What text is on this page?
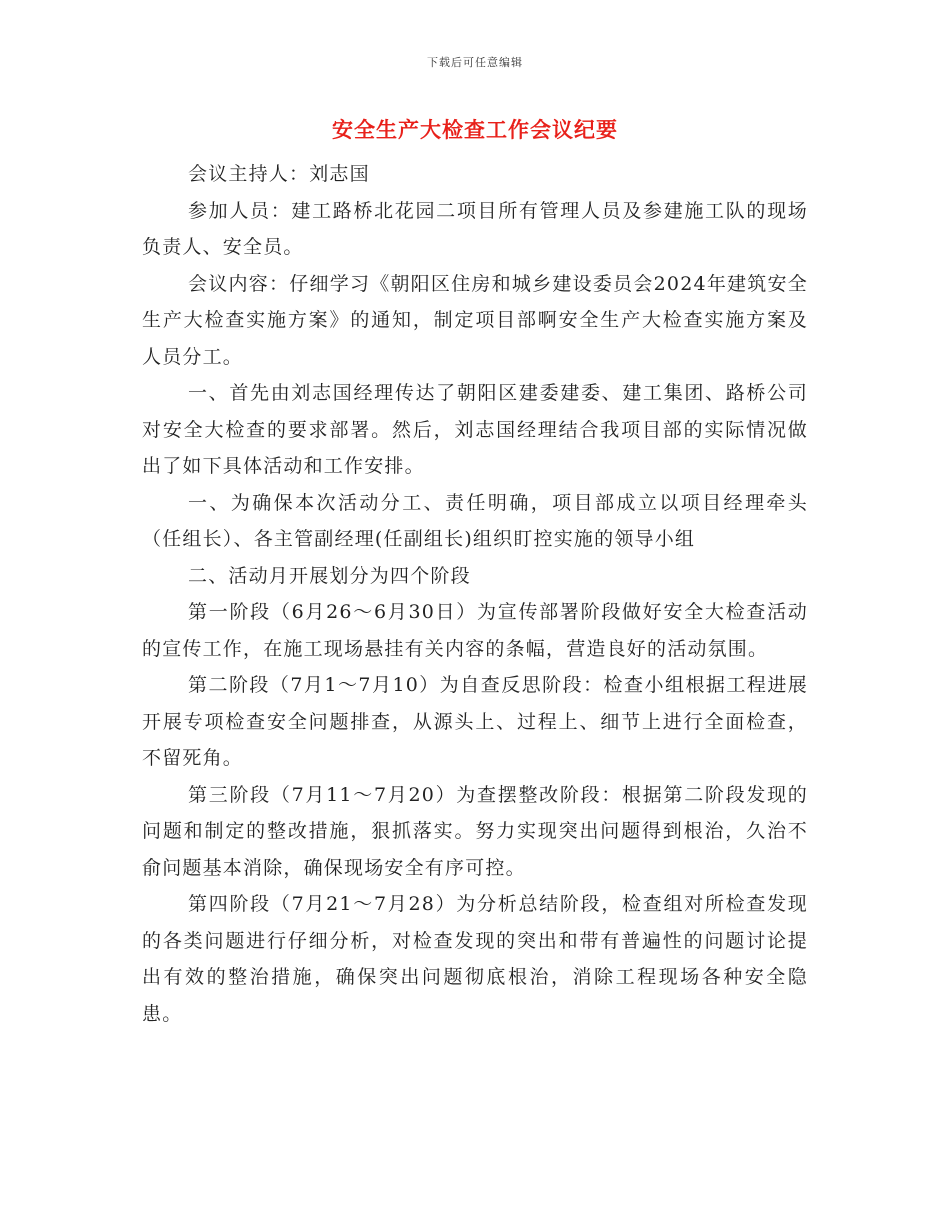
下载后可任意编辑
安全生产大检查工作会议纪要

会议主持人：刘志国

参加人员：建工路桥北花园二项目所有管理人员及参建施工队的现场负责人、安全员。

会议内容：仔细学习《朝阳区住房和城乡建设委员会2024年建筑安全生产大检查实施方案》的通知，制定项目部啊安全生产大检查实施方案及人员分工。

一、首先由刘志国经理传达了朝阳区建委建委、建工集团、路桥公司对安全大检查的要求部署。然后，刘志国经理结合我项目部的实际情况做出了如下具体活动和工作安排。

一、为确保本次活动分工、责任明确，项目部成立以项目经理牵头（任组长）、各主管副经理(任副组长)组织盯控实施的领导小组

二、活动月开展划分为四个阶段

第一阶段（6月26～6月30日）为宣传部署阶段做好安全大检查活动的宣传工作，在施工现场悬挂有关内容的条幅，营造良好的活动氛围。

第二阶段（7月1～7月10）为自查反思阶段：检查小组根据工程进展开展专项检查安全问题排查，从源头上、过程上、细节上进行全面检查，不留死角。

第三阶段（7月11～7月20）为查摆整改阶段：根据第二阶段发现的问题和制定的整改措施，狠抓落实。努力实现突出问题得到根治，久治不俞问题基本消除，确保现场安全有序可控。

第四阶段（7月21～7月28）为分析总结阶段，检查组对所检查发现的各类问题进行仔细分析，对检查发现的突出和带有普遍性的问题讨论提出有效的整治措施，确保突出问题彻底根治，消除工程现场各种安全隐患。
